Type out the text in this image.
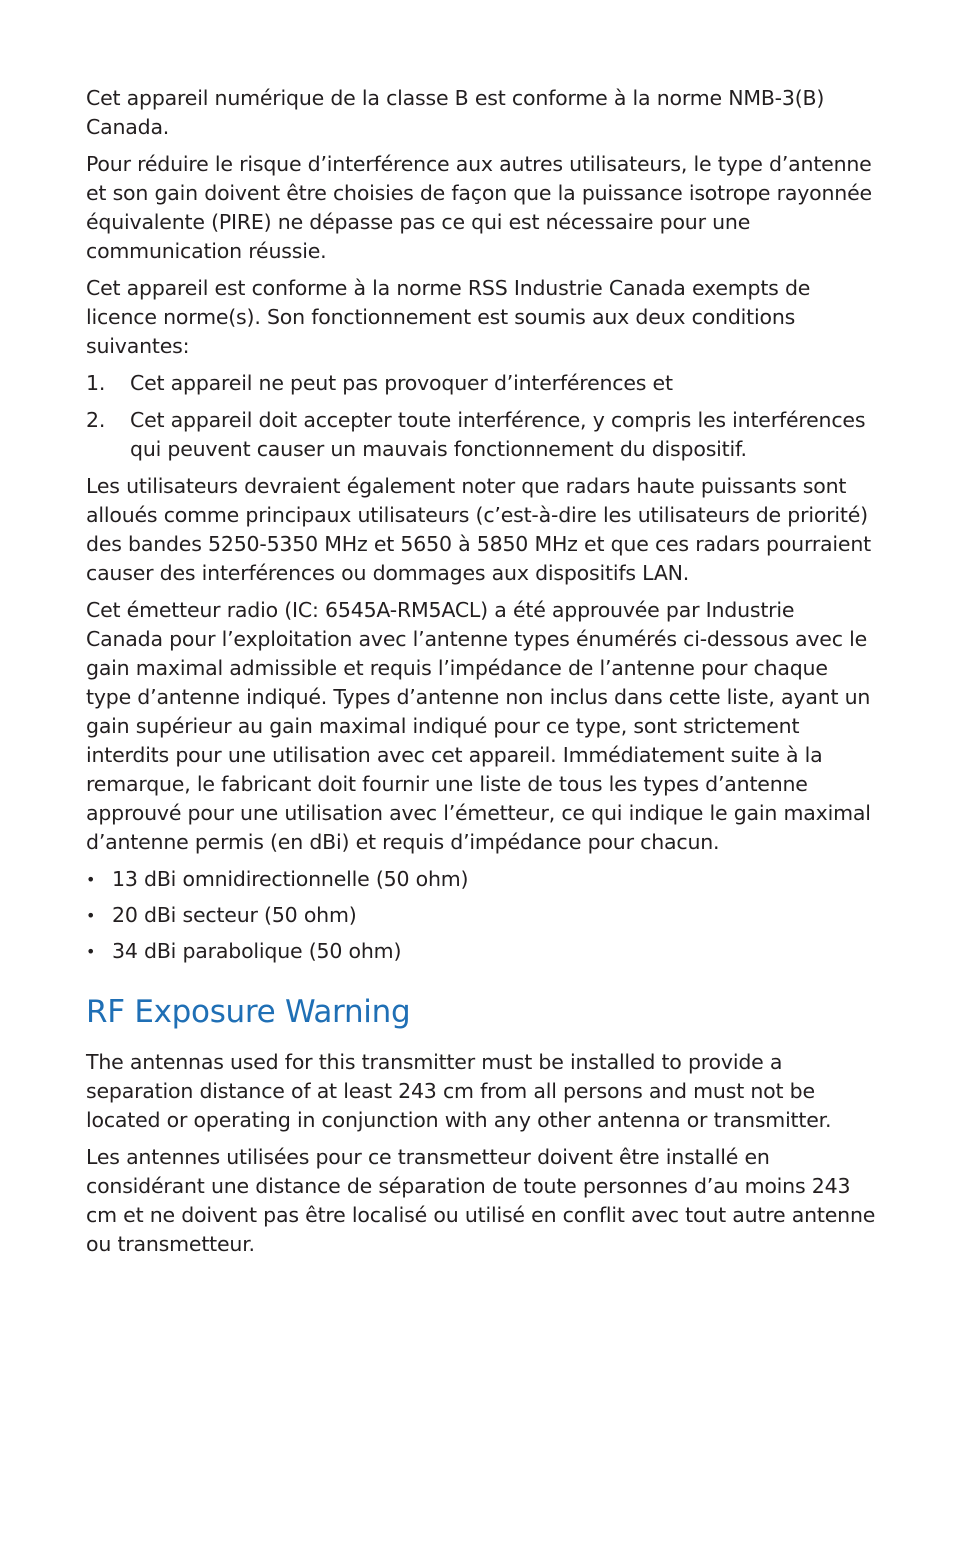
Cet appareil numérique de la classe B est conforme à la norme NMB-3(B) Canada.

Pour réduire le risque d’interférence aux autres utilisateurs, le type d’antenne et son gain doivent être choisies de façon que la puissance isotrope rayonnée équivalente (PIRE) ne dépasse pas ce qui est nécessaire pour une communication réussie.

Cet appareil est conforme à la norme RSS Industrie Canada exempts de licence norme(s). Son fonctionnement est soumis aux deux conditions suivantes:

1. Cet appareil ne peut pas provoquer d’interférences et
2. Cet appareil doit accepter toute interférence, y compris les interférences qui peuvent causer un mauvais fonctionnement du dispositif.

Les utilisateurs devraient également noter que radars haute puissants sont alloués comme principaux utilisateurs (c’est-à-dire les utilisateurs de priorité) des bandes 5250-5350 MHz et 5650 à 5850 MHz et que ces radars pourraient causer des interférences ou dommages aux dispositifs LAN.

Cet émetteur radio (IC: 6545A-RM5ACL) a été approuvée par Industrie Canada pour l’exploitation avec l’antenne types énumérés ci-dessous avec le gain maximal admissible et requis l’impédance de l’antenne pour chaque type d’antenne indiqué. Types d’antenne non inclus dans cette liste, ayant un gain supérieur au gain maximal indiqué pour ce type, sont strictement interdits pour une utilisation avec cet appareil. Immédiatement suite à la remarque, le fabricant doit fournir une liste de tous les types d’antenne approuvé pour une utilisation avec l’émetteur, ce qui indique le gain maximal d’antenne permis (en dBi) et requis d’impédance pour chacun.

• 13 dBi omnidirectionnelle (50 ohm)
• 20 dBi secteur (50 ohm)
• 34 dBi parabolique (50 ohm)
RF Exposure Warning

The antennas used for this transmitter must be installed to provide a separation distance of at least 243 cm from all persons and must not be located or operating in conjunction with any other antenna or transmitter.

Les antennes utilisées pour ce transmetteur doivent être installé en considérant une distance de séparation de toute personnes d’au moins 243 cm et ne doivent pas être localisé ou utilisé en conflit avec tout autre antenne ou transmetteur.
